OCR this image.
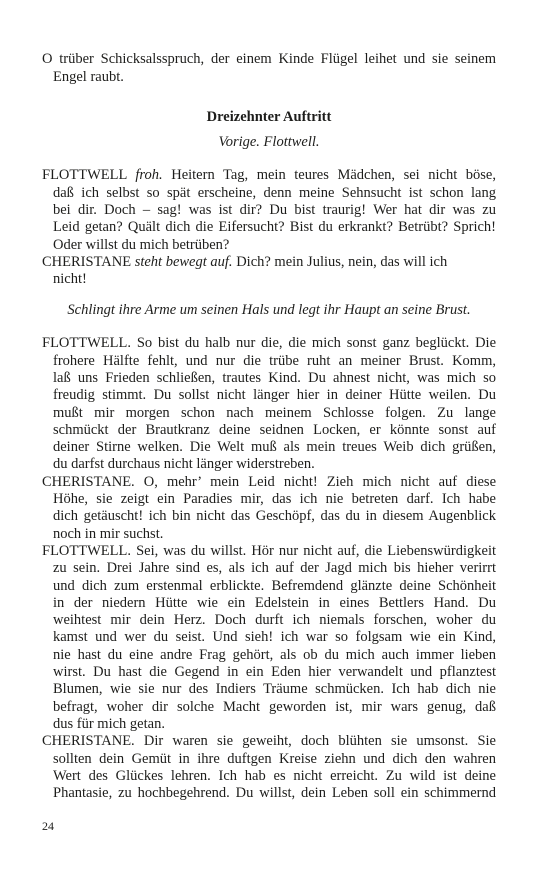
O trüber Schicksalsspruch, der einem Kinde Flügel leihet und sie seinem
Engel raubt.
Dreizehnter Auftritt
Vorige. Flottwell.
FLOTTWELL froh. Heitern Tag, mein teures Mädchen, sei nicht böse,
daß ich selbst so spät erscheine, denn meine Sehnsucht ist schon lang
bei dir. Doch – sag! was ist dir? Du bist traurig! Wer hat dir was zu
Leid getan? Quält dich die Eifersucht? Bist du erkrankt? Betrübt? Sprich!
Oder willst du mich betrüben?
CHERISTANE steht bewegt auf. Dich? mein Julius, nein, das will ich
nicht!
Schlingt ihre Arme um seinen Hals und legt ihr Haupt an seine Brust.
FLOTTWELL. So bist du halb nur die, die mich sonst ganz beglückt. Die
frohere Hälfte fehlt, und nur die trübe ruht an meiner Brust. Komm,
laß uns Frieden schließen, trautes Kind. Du ahnest nicht, was mich so
freudig stimmt. Du sollst nicht länger hier in deiner Hütte weilen. Du
mußt mir morgen schon nach meinem Schlosse folgen. Zu lange
schmückt der Brautkranz deine seidnen Locken, er könnte sonst auf
deiner Stirne welken. Die Welt muß als mein treues Weib dich grüßen,
du darfst durchaus nicht länger widerstreben.
CHERISTANE. O, mehr’ mein Leid nicht! Zieh mich nicht auf diese
Höhe, sie zeigt ein Paradies mir, das ich nie betreten darf. Ich habe
dich getäuscht! ich bin nicht das Geschöpf, das du in diesem Augenblick
noch in mir suchst.
FLOTTWELL. Sei, was du willst. Hör nur nicht auf, die Liebenswürdigkeit
zu sein. Drei Jahre sind es, als ich auf der Jagd mich bis hieher verirrt
und dich zum erstenmal erblickte. Befremdend glänzte deine Schönheit
in der niedern Hütte wie ein Edelstein in eines Bettlers Hand. Du
weihtest mir dein Herz. Doch durft ich niemals forschen, woher du
kamst und wer du seist. Und sieh! ich war so folgsam wie ein Kind,
nie hast du eine andre Frag gehört, als ob du mich auch immer lieben
wirst. Du hast die Gegend in ein Eden hier verwandelt und pflanztest
Blumen, wie sie nur des Indiers Träume schmücken. Ich hab dich nie
befragt, woher dir solche Macht geworden ist, mir wars genug, daß
dus für mich getan.
CHERISTANE. Dir waren sie geweiht, doch blühten sie umsonst. Sie
sollten dein Gemüt in ihre duftgen Kreise ziehn und dich den wahren
Wert des Glückes lehren. Ich hab es nicht erreicht. Zu wild ist deine
Phantasie, zu hochbegehrend. Du willst, dein Leben soll ein schimmernd
24
